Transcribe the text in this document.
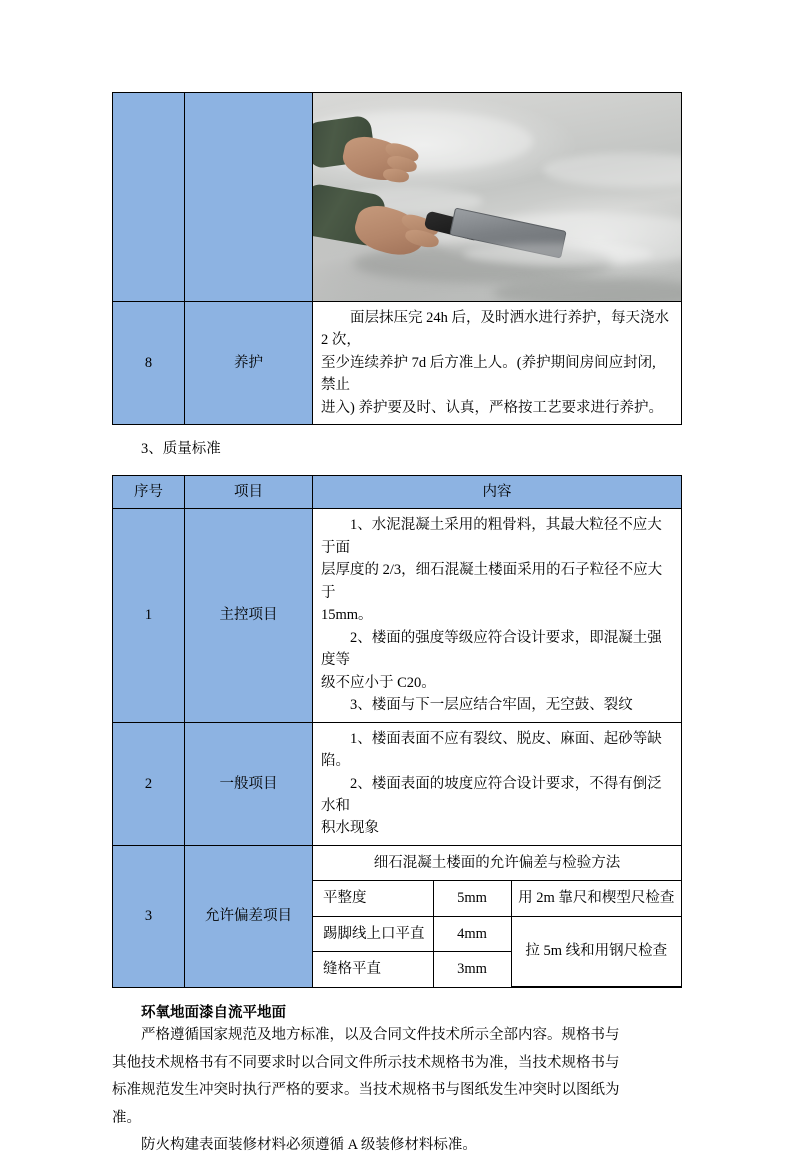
8	养护	面层抹压完 24h 后，及时洒水进行养护，每天浇水 2 次，
至少连续养护 7d 后方准上人。(养护期间房间应封闭, 禁止
进入) 养护要及时、认真，严格按工艺要求进行养护。
3、质量标准
序号	项目	内容
1	主控项目	
1、水泥混凝土采用的粗骨料，其最大粒径不应大于面
层厚度的 2/3，细石混凝土楼面采用的石子粒径不应大于
15mm。
2、楼面的强度等级应符合设计要求，即混凝土强度等
级不应小于 C20。
3、楼面与下一层应结合牢固，无空鼓、裂纹

2	一般项目	
1、楼面表面不应有裂纹、脱皮、麻面、起砂等缺陷。
2、楼面表面的坡度应符合设计要求，不得有倒泛水和
积水现象

3	允许偏差项目	
细石混凝土楼面的允许偏差与检验方法
平整度	5mm	用 2m 靠尺和楔型尺检查
踢脚线上口平直	4mm	拉 5m 线和用钢尺检查
缝格平直	3mm
环氧地面漆自流平地面

严格遵循国家规范及地方标准，以及合同文件技术所示全部内容。规格书与
其他技术规格书有不同要求时以合同文件所示技术规格书为准，当技术规格书与
标准规范发生冲突时执行严格的要求。当技术规格书与图纸发生冲突时以图纸为
准。

防火构建表面装修材料必须遵循 A 级装修材料标准。
